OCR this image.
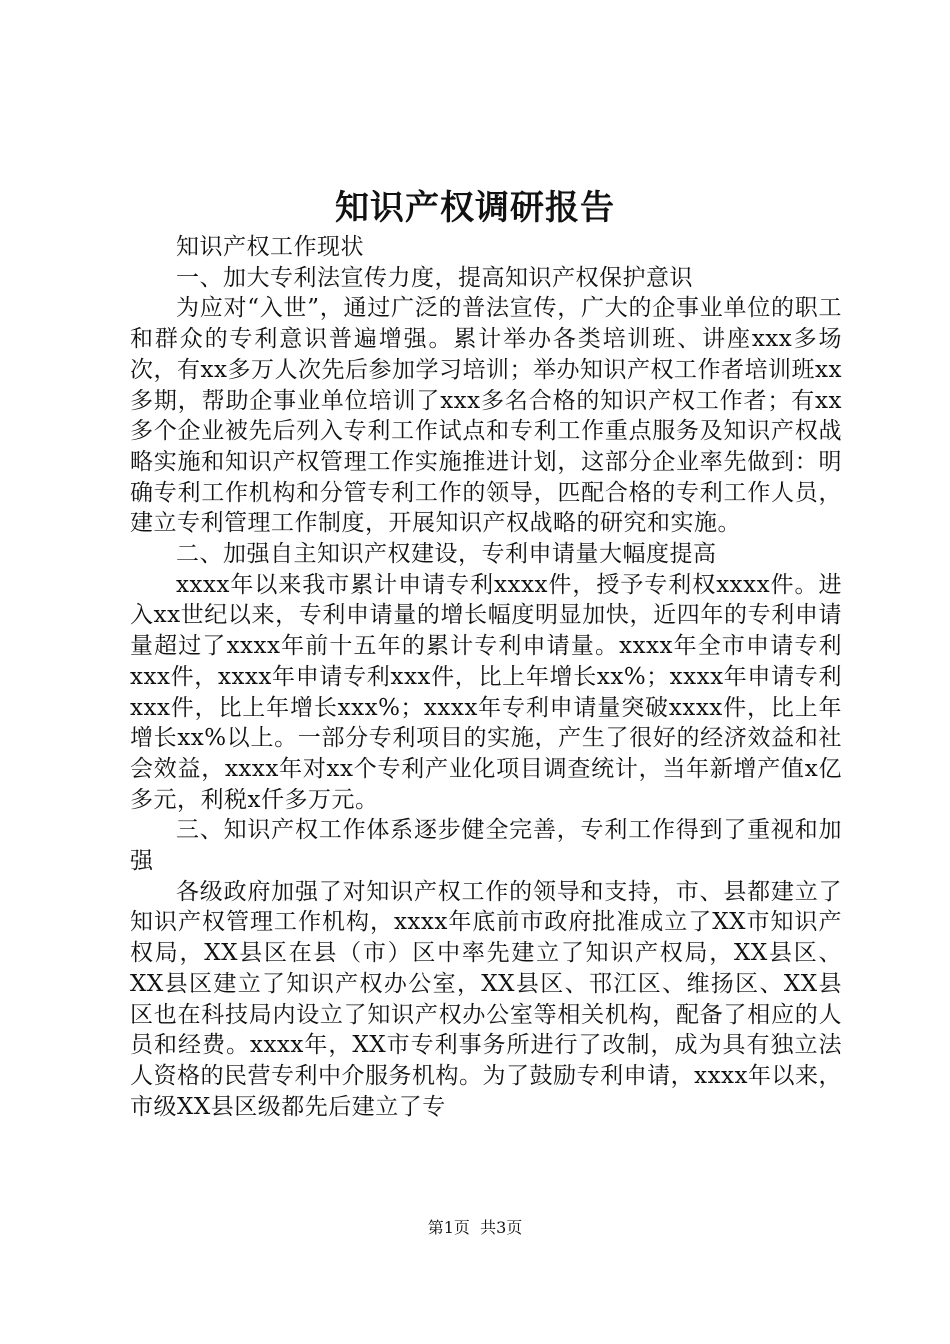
知识产权调研报告

知识产权工作现状

一、加大专利法宣传力度，提高知识产权保护意识

为应对“入世”，通过广泛的普法宣传，广大的企事业单位的职工和群众的专利意识普遍增强。累计举办各类培训班、讲座xxx多场次，有xx多万人次先后参加学习培训；举办知识产权工作者培训班xx多期，帮助企事业单位培训了xxx多名合格的知识产权工作者；有xx多个企业被先后列入专利工作试点和专利工作重点服务及知识产权战略实施和知识产权管理工作实施推进计划，这部分企业率先做到：明确专利工作机构和分管专利工作的领导，匹配合格的专利工作人员，建立专利管理工作制度，开展知识产权战略的研究和实施。

二、加强自主知识产权建设，专利申请量大幅度提高

xxxx年以来我市累计申请专利xxxx件，授予专利权xxxx件。进入xx世纪以来，专利申请量的增长幅度明显加快，近四年的专利申请量超过了xxxx年前十五年的累计专利申请量。xxxx年全市申请专利xxx件，xxxx年申请专利xxx件，比上年增长xx%；xxxx年申请专利xxx件，比上年增长xxx%；xxxx年专利申请量突破xxxx件，比上年增长xx%以上。一部分专利项目的实施，产生了很好的经济效益和社会效益，xxxx年对xx个专利产业化项目调查统计，当年新增产值x亿多元，利税x仟多万元。

三、知识产权工作体系逐步健全完善，专利工作得到了重视和加强

各级政府加强了对知识产权工作的领导和支持，市、县都建立了知识产权管理工作机构，xxxx年底前市政府批准成立了XX市知识产权局，XX县区在县（市）区中率先建立了知识产权局，XX县区、XX县区建立了知识产权办公室，XX县区、邗江区、维扬区、XX县区也在科技局内设立了知识产权办公室等相关机构，配备了相应的人员和经费。xxxx年，XX市专利事务所进行了改制，成为具有独立法人资格的民营专利中介服务机构。为了鼓励专利申请，xxxx年以来，市级XX县区级都先后建立了专

第1页  共3页
